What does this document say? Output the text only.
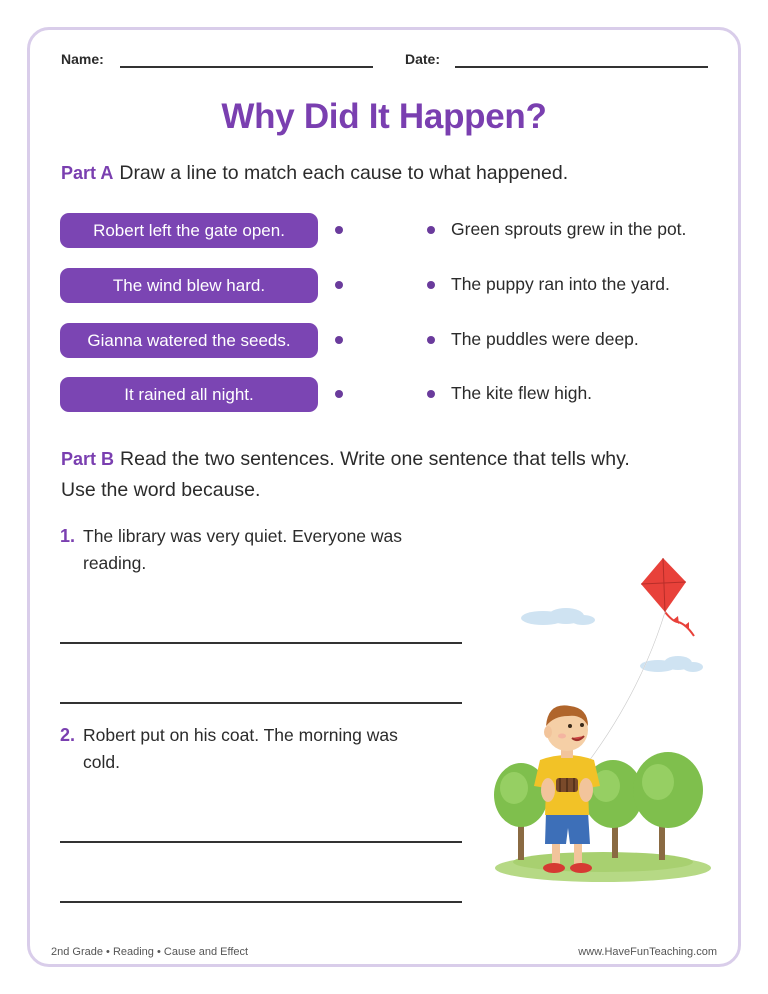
Name:	Date:
Why Did It Happen?
Part A Draw a line to match each cause to what happened.
Robert left the gate open.
The wind blew hard.
Gianna watered the seeds.
It rained all night.
Green sprouts grew in the pot.
The puppy ran into the yard.
The puddles were deep.
The kite flew high.
Part B Read the two sentences. Write one sentence that tells why.
Use the word because.
1. The library was very quiet. Everyone was
reading.
2. Robert put on his coat. The morning was
cold.
2nd Grade • Reading • Cause and Effect	www.HaveFunTeaching.com
